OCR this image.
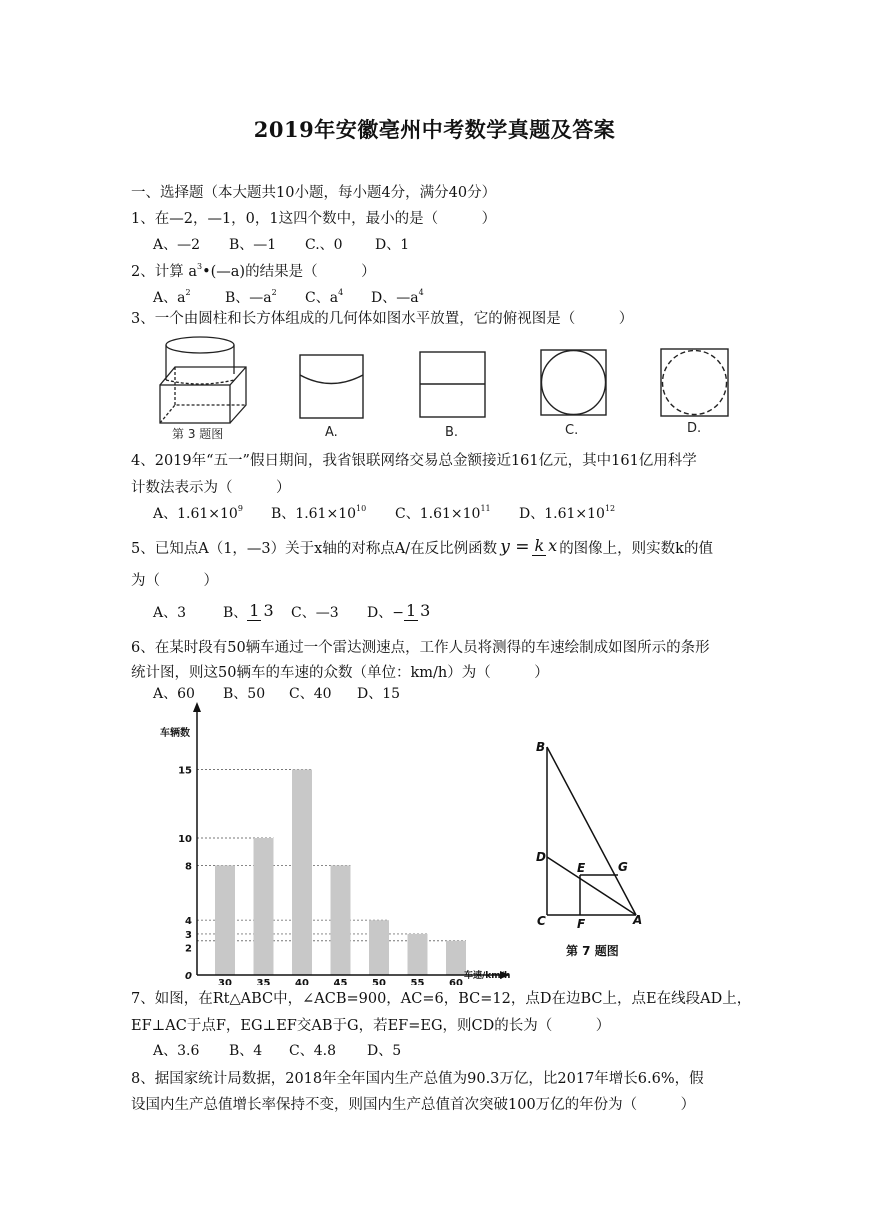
2019年安徽亳州中考数学真题及答案
一、选择题（本大题共10小题，每小题4分，满分40分）
1、在—2，—1，0，1这四个数中，最小的是（　　　）
A、—2 B、—1 C.、0 D、1
2、计算 $a^3•(—a)$的结果是（　　　）
A、$a^2$ B、$—a^2$ C、$a^4$ D、$—a^4$
3、一个由圆柱和长方体组成的几何体如图水平放置，它的俯视图是（　　　）
第 3 题图	A.	B.	C.	D.
4、2019年“五一”假日期间，我省银联网络交易总金额接近161亿元，其中161亿用科学
计数法表示为（　　　）
A、$1.61\times 10^9$ B、$1.61\times 10^{10}$ C、$1.61\times 10^{11}$ D、$1.61\times 10^{12}$
5、已知点A（1，—3）关于x轴的对称点A/在反比例函数 y = k x 的图像上，则实数k的值
为（　　　）
A、3	B、 1 3 C、—3	D、− 1 3
6、在某时段有50辆车通过一个雷达测速点，工作人员将测得的车速绘制成如图所示的条形
统计图，则这50辆车的车速的众数（单位：km/h）为（　　　）
A、60 B、50 C、40 D、15
车辆数
车速/km/h
0
2
3
4
8
10
15
30 35 40 45 50 55 60
B
D
E	G
C	F	A
第 7 题图
7、如图，在Rt△ABC中，∠ACB=900，AC=6，BC=12，点D在边BC上，点E在线段AD上，
EF⊥AC于点F，EG⊥EF交AB于G，若EF=EG，则CD的长为（　　　）
A、3.6 B、4 C、4.8 D、5
8、据国家统计局数据，2018年全年国内生产总值为90.3万亿，比2017年增长6.6%，假
设国内生产总值增长率保持不变，则国内生产总值首次突破100万亿的年份为（　　　）
